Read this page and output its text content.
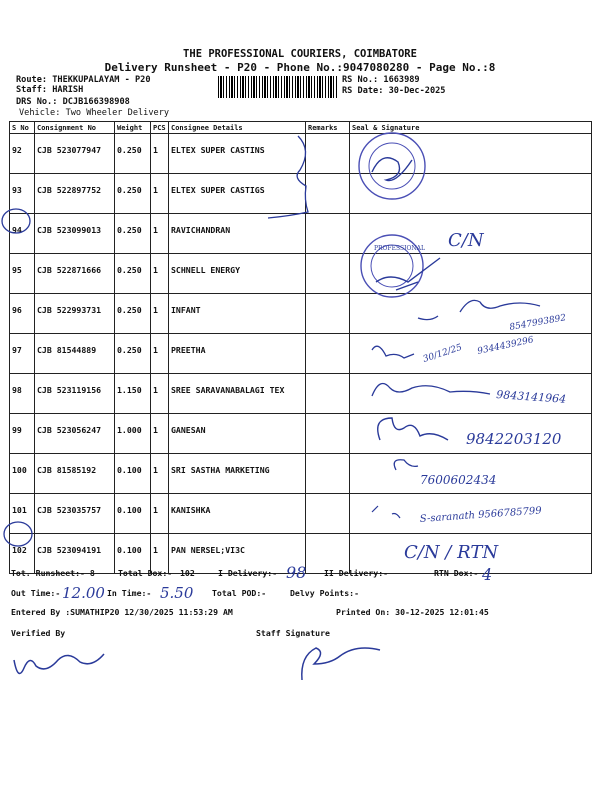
THE PROFESSIONAL COURIERS, COIMBATORE
Delivery Runsheet - P20 - Phone No.:9047080280 - Page No.:8
Route: THEKKUPALAYAM - P20
Staff: HARISH
DRS No.: DCJB166398908
Vehicle: Two Wheeler Delivery
RS No.: 1663989
RS Date: 30-Dec-2025
S No	Consignment No	Weight	PCS	Consignee Details	Remarks	Seal & Signature

92	CJB 523077947	0.250	1	ELTEX SUPER CASTINS		

93	CJB 522897752	0.250	1	ELTEX SUPER CASTIGS		

94	CJB 523099013	0.250	1	RAVICHANDRAN		

95	CJB 522871666	0.250	1	SCHNELL ENERGY		

96	CJB 522993731	0.250	1	INFANT		

97	CJB 81544889	0.250	1	PREETHA		

98	CJB 523119156	1.150	1	SREE SARAVANABALAGI TEX		

99	CJB 523056247	1.000	1	GANESAN		

100	CJB 81585192	0.100	1	SRI SASTHA MARKETING		

101	CJB 523035757	0.100	1	KANISHKA		

102	CJB 523094191	0.100	1	PAN NERSEL;VI3C		

Tot. Runsheet:- 8	Total Dox:- 102	I Delivery:-	II Delivery:-	RTN Dox:-
Out Time:-	In Time:-	Total POD:-	Delvy Points:-
Entered By :SUMATHIP20 12/30/2025 11:53:29 AM	Printed On: 30-12-2025 12:01:45
Verified By	Staff Signature
PROFESSIONAL C/N
8547993892
30/12/25 9344439296
9843141964
9842203120
7600602434
S-saranath 9566785799
C/N / RTN
98	4
12.00	5.50
